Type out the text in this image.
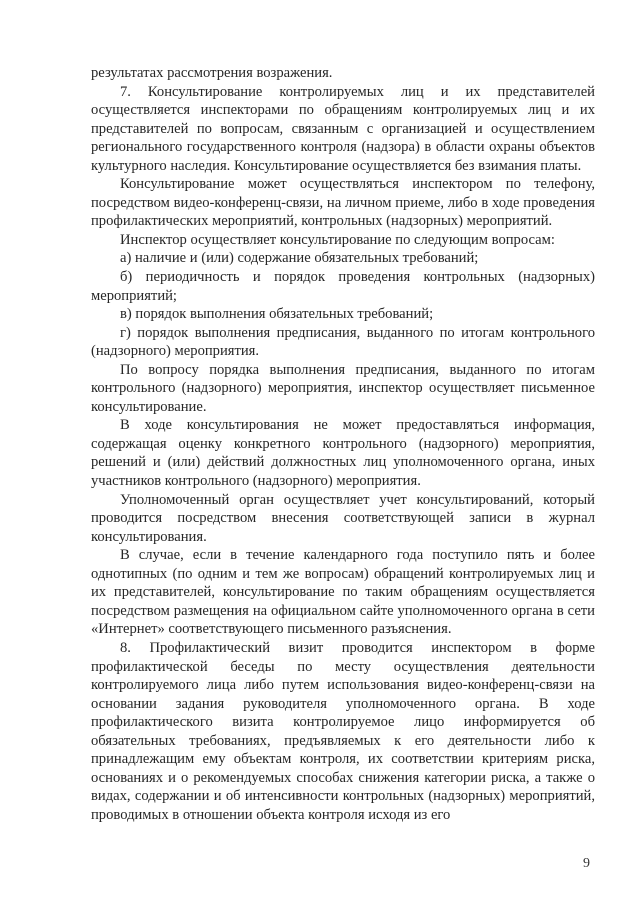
результатах рассмотрения возражения.

7. Консультирование контролируемых лиц и их представителей осуществляется инспекторами по обращениям контролируемых лиц и их представителей по вопросам, связанным с организацией и осуществлением регионального государственного контроля (надзора) в области охраны объектов культурного наследия. Консультирование осуществляется без взимания платы.

Консультирование может осуществляться инспектором по телефону, посредством видео-конференц-связи, на личном приеме, либо в ходе проведения профилактических мероприятий, контрольных (надзорных) мероприятий.

Инспектор осуществляет консультирование по следующим вопросам:

а) наличие и (или) содержание обязательных требований;

б) периодичность и порядок проведения контрольных (надзорных) мероприятий;

в) порядок выполнения обязательных требований;

г) порядок выполнения предписания, выданного по итогам контрольного (надзорного) мероприятия.

По вопросу порядка выполнения предписания, выданного по итогам контрольного (надзорного) мероприятия, инспектор осуществляет письменное консультирование.

В ходе консультирования не может предоставляться информация, содержащая оценку конкретного контрольного (надзорного) мероприятия, решений и (или) действий должностных лиц уполномоченного органа, иных участников контрольного (надзорного) мероприятия.

Уполномоченный орган осуществляет учет консультирований, который проводится посредством внесения соответствующей записи в журнал консультирования.

В случае, если в течение календарного года поступило пять и более однотипных (по одним и тем же вопросам) обращений контролируемых лиц и их представителей, консультирование по таким обращениям осуществляется посредством размещения на официальном сайте уполномоченного органа в сети «Интернет» соответствующего письменного разъяснения.

8. Профилактический визит проводится инспектором в форме профилактической беседы по месту осуществления деятельности контролируемого лица либо путем использования видео-конференц-связи на основании задания руководителя уполномоченного органа. В ходе профилактического визита контролируемое лицо информируется об обязательных требованиях, предъявляемых к его деятельности либо к принадлежащим ему объектам контроля, их соответствии критериям риска, основаниях и о рекомендуемых способах снижения категории риска, а также о видах, содержании и об интенсивности контрольных (надзорных) мероприятий, проводимых в отношении объекта контроля исходя из его

9
